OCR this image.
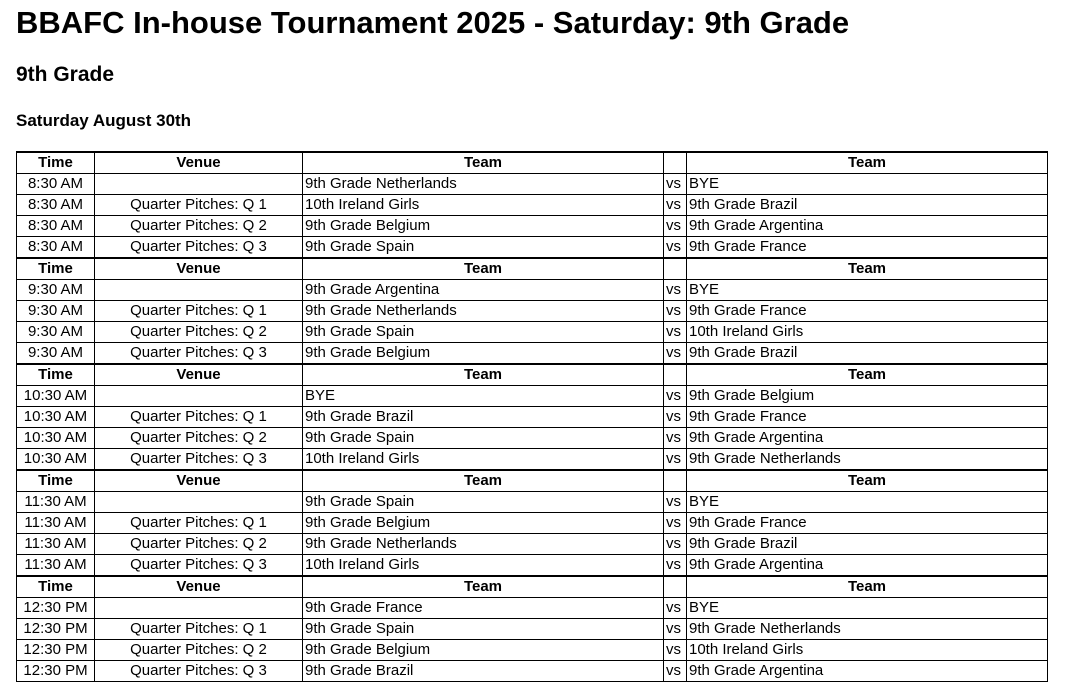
BBAFC In-house Tournament 2025 - Saturday: 9th Grade
9th Grade
Saturday August 30th
Time	Venue	Team		Team
8:30 AM		9th Grade Netherlands	vs	BYE
8:30 AM	Quarter Pitches: Q 1	10th Ireland Girls	vs	9th Grade Brazil
8:30 AM	Quarter Pitches: Q 2	9th Grade Belgium	vs	9th Grade Argentina
8:30 AM	Quarter Pitches: Q 3	9th Grade Spain	vs	9th Grade France
Time	Venue	Team		Team
9:30 AM		9th Grade Argentina	vs	BYE
9:30 AM	Quarter Pitches: Q 1	9th Grade Netherlands	vs	9th Grade France
9:30 AM	Quarter Pitches: Q 2	9th Grade Spain	vs	10th Ireland Girls
9:30 AM	Quarter Pitches: Q 3	9th Grade Belgium	vs	9th Grade Brazil
Time	Venue	Team		Team
10:30 AM		BYE	vs	9th Grade Belgium
10:30 AM	Quarter Pitches: Q 1	9th Grade Brazil	vs	9th Grade France
10:30 AM	Quarter Pitches: Q 2	9th Grade Spain	vs	9th Grade Argentina
10:30 AM	Quarter Pitches: Q 3	10th Ireland Girls	vs	9th Grade Netherlands
Time	Venue	Team		Team
11:30 AM		9th Grade Spain	vs	BYE
11:30 AM	Quarter Pitches: Q 1	9th Grade Belgium	vs	9th Grade France
11:30 AM	Quarter Pitches: Q 2	9th Grade Netherlands	vs	9th Grade Brazil
11:30 AM	Quarter Pitches: Q 3	10th Ireland Girls	vs	9th Grade Argentina
Time	Venue	Team		Team
12:30 PM		9th Grade France	vs	BYE
12:30 PM	Quarter Pitches: Q 1	9th Grade Spain	vs	9th Grade Netherlands
12:30 PM	Quarter Pitches: Q 2	9th Grade Belgium	vs	10th Ireland Girls
12:30 PM	Quarter Pitches: Q 3	9th Grade Brazil	vs	9th Grade Argentina
